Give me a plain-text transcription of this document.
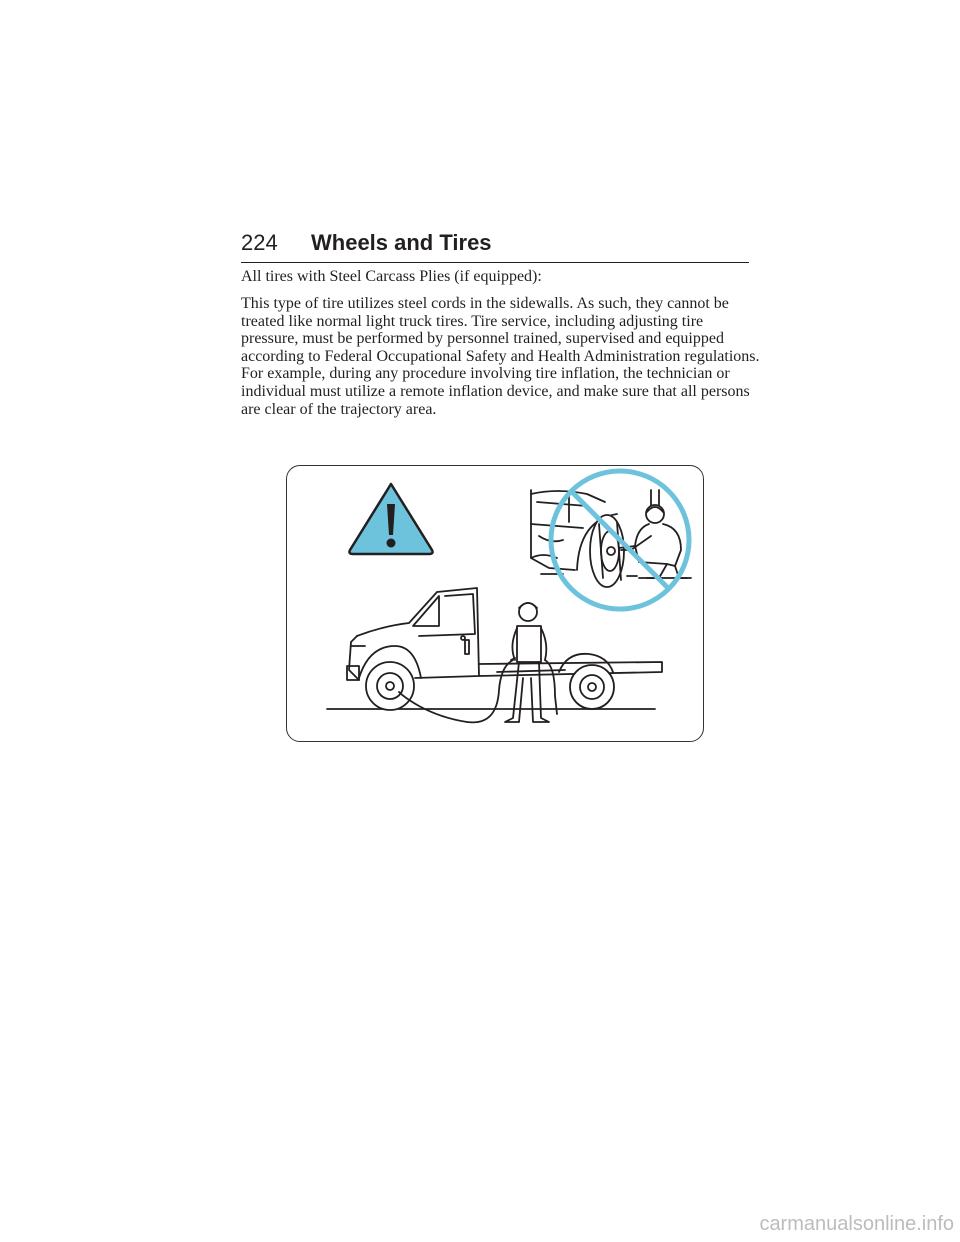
224 Wheels and Tires

All tires with Steel Carcass Plies (if equipped):

This type of tire utilizes steel cords in the sidewalls. As such, they cannot be treated like normal light truck tires. Tire service, including adjusting tire pressure, must be performed by personnel trained, supervised and equipped according to Federal Occupational Safety and Health Administration regulations. For example, during any procedure involving tire inflation, the technician or individual must utilize a remote inflation device, and make sure that all persons are clear of the trajectory area.

carmanualsonline.info
